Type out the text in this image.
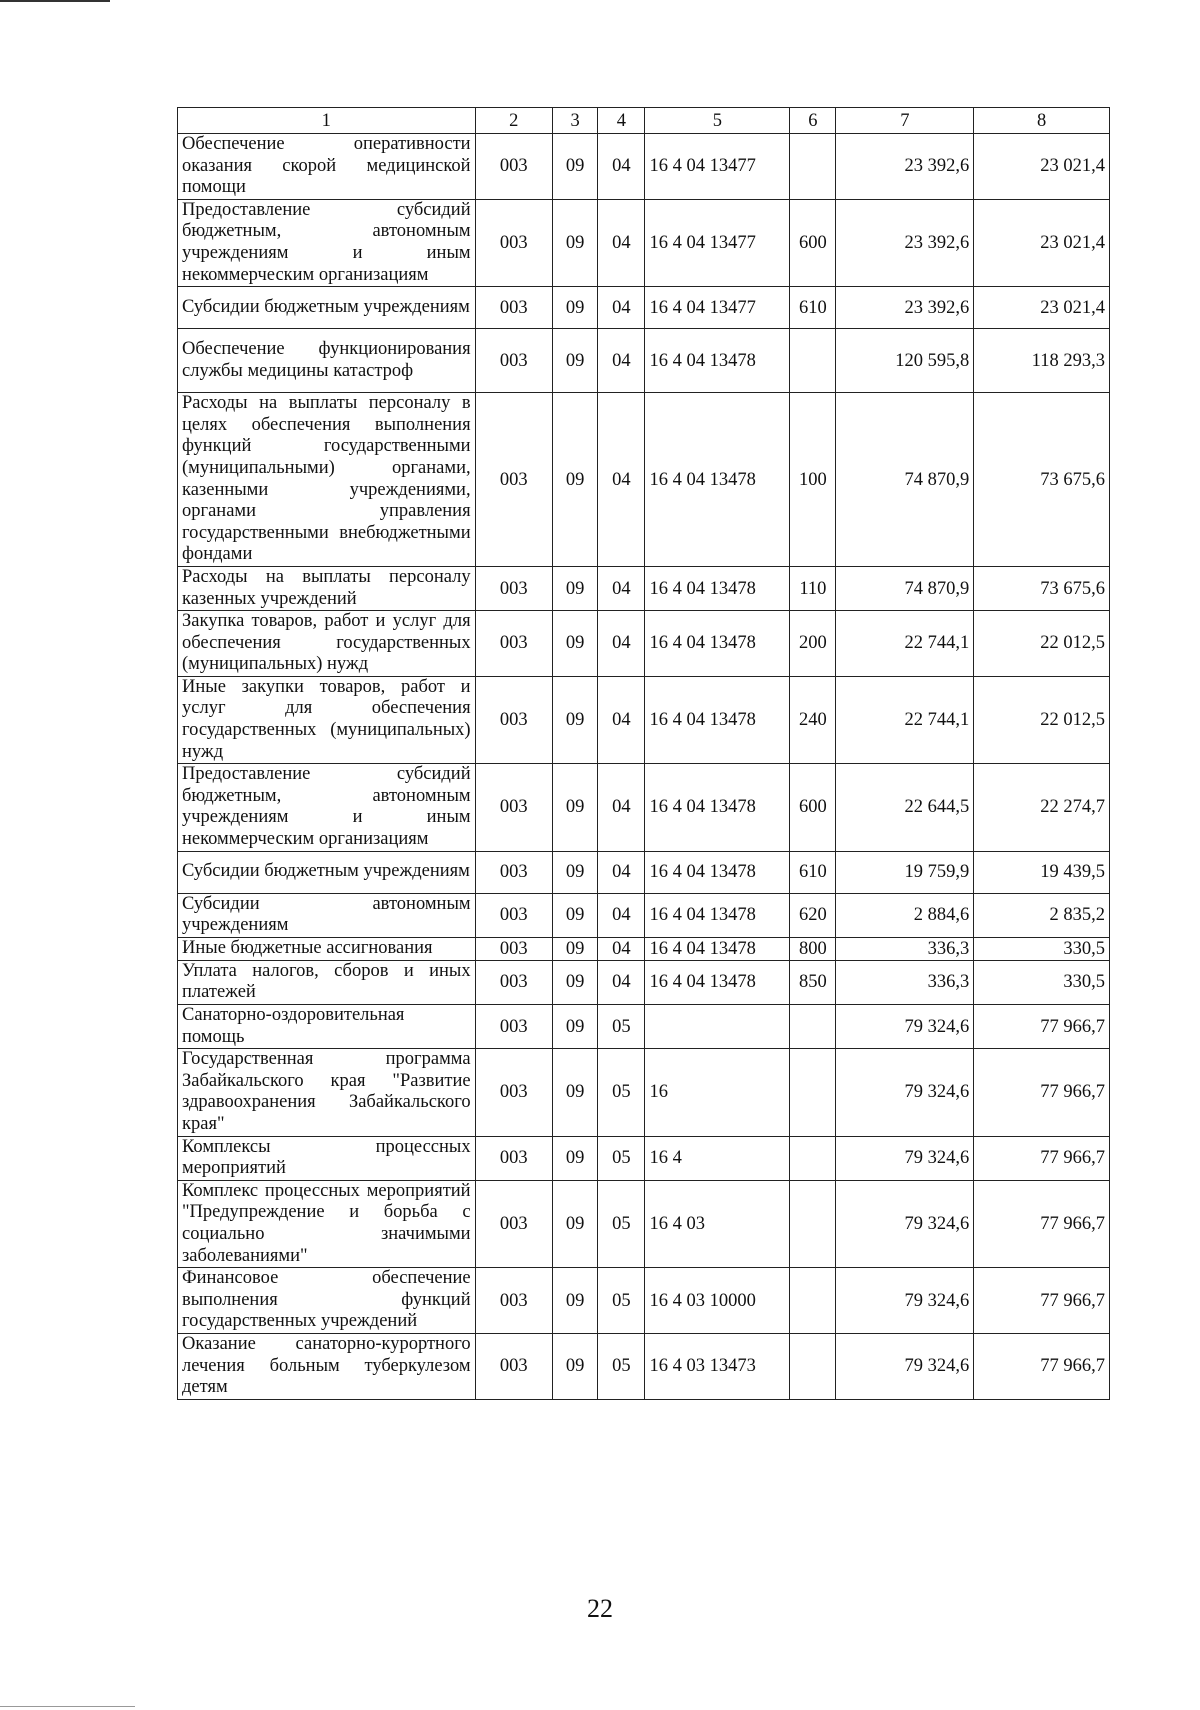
1	2	3	4	5	6	7	8
Обеспечение оперативности оказания скорой медицинской помощи	003	09	04	16 4 04 13477		23 392,6	23 021,4
Предоставление субсидий бюджетным, автономным учреждениям и иным некоммерческим организациям	003	09	04	16 4 04 13477	600	23 392,6	23 021,4
Субсидии бюджетным учреждениям	003	09	04	16 4 04 13477	610	23 392,6	23 021,4
Обеспечение функционирования службы медицины катастроф	003	09	04	16 4 04 13478		120 595,8	118 293,3
Расходы на выплаты персоналу в целях обеспечения выполнения функций государственными (муниципальными) органами, казенными учреждениями, органами управления государственными внебюджетными фондами	003	09	04	16 4 04 13478	100	74 870,9	73 675,6
Расходы на выплаты персоналу казенных учреждений	003	09	04	16 4 04 13478	110	74 870,9	73 675,6
Закупка товаров, работ и услуг для обеспечения государственных (муниципальных) нужд	003	09	04	16 4 04 13478	200	22 744,1	22 012,5
Иные закупки товаров, работ и услуг для обеспечения государственных (муниципальных) нужд	003	09	04	16 4 04 13478	240	22 744,1	22 012,5
Предоставление субсидий бюджетным, автономным учреждениям и иным некоммерческим организациям	003	09	04	16 4 04 13478	600	22 644,5	22 274,7
Субсидии бюджетным учреждениям	003	09	04	16 4 04 13478	610	19 759,9	19 439,5
Субсидии автономным учреждениям	003	09	04	16 4 04 13478	620	2 884,6	2 835,2
Иные бюджетные ассигнования	003	09	04	16 4 04 13478	800	336,3	330,5
Уплата налогов, сборов и иных платежей	003	09	04	16 4 04 13478	850	336,3	330,5
Санаторно-оздоровительная помощь	003	09	05			79 324,6	77 966,7
Государственная программа Забайкальского края "Развитие здравоохранения Забайкальского края"	003	09	05	16		79 324,6	77 966,7
Комплексы процессных мероприятий	003	09	05	16 4		79 324,6	77 966,7
Комплекс процессных мероприятий "Предупреждение и борьба с социально значимыми заболеваниями"	003	09	05	16 4 03		79 324,6	77 966,7
Финансовое обеспечение выполнения функций государственных учреждений	003	09	05	16 4 03 10000		79 324,6	77 966,7
Оказание санаторно-курортного лечения больным туберкулезом детям	003	09	05	16 4 03 13473		79 324,6	77 966,7
22
